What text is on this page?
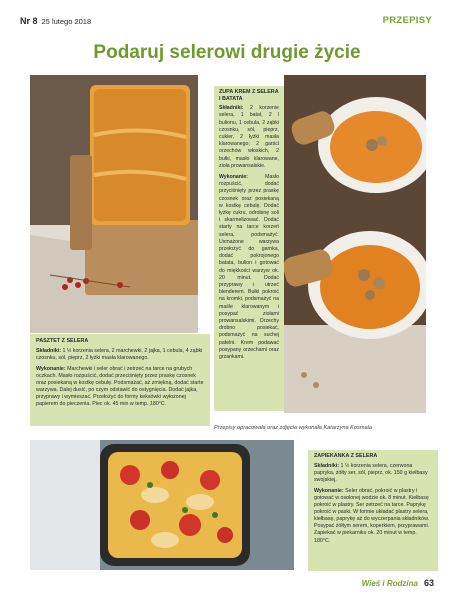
Nr 8 25 lutego 2018	PRZEPISY
Podaruj selerowi drugie życie
PASZTET Z SELERA

Składniki: 1 ½ korzenia selera, 2 marchewki, 2 jajka, 1 cebula, 4 ząbki czosnku, sól, pieprz, 2 łyżki masła klarowanego.

Wykonanie: Marchewki i seler obrać i zetrzeć na tarce na grubych oczkach. Masło rozpuścić, dodać przeciśnięty przez praskę czosnek oraz posiekaną w kostkę cebulę. Podsmażać, aż zmiękną, dodać starte warzywa. Dalej dusić, po czym odstawić do ostygnięcia. Dodać jajka, przyprawy i wymieszać. Przełożyć do formy keksówki wyłożonej papierem do pieczenia. Piec ok. 45 min w temp. 180°C.

ZUPA KREM Z SELERA I BATATA

Składniki: 2 korzenie selera, 1 batat, 2 l bulionu, 1 cebula, 2 ząbki czosnku, sól, pieprz, cukier, 2 łyżki masła klarowanego; 2 garści orzechów włoskich, 2 bułki, masło klarowane, zioła prowansalskie.

Wykonanie: Masło rozpuścić, dodać przyciśnięty przez praskę czosnek oraz posiekaną w kostkę cebulę. Dodać łyżkę cukru, odrobinę soli i skarmelizować. Dodać starty na tarce korzeń selera, podsmażyć. Usmażone warzywa przełożyć do garnka, dodać pokrojonego batata, bulion i gotować do miękkości warzyw ok. 20 minut. Dodać przyprawy i utrzeć blenderem. Bułki pokroić na kromki, podsmażyć na maśle klarowanym i posypać ziołami prowansalskimi. Orzechy drobno posiekać, podsmażyć na suchej patelni. Krem podawać posypany orzechami oraz grzankami.

Przepisy opracowała oraz zdjęcia wykonała Katarzyna Kosmala
ZAPIEKANKA Z SELERA

Składniki: 1 ½ korzenia selera, czerwona papryka, żółty ser, sól, pieprz, ok. 150 g kiełbasy swojskiej.

Wykonanie: Seler obrać, pokroić w plastry i gotować w osolonej wodzie ok. 8 minut. Kiełbasę pokroić w plastry. Ser zetrzeć na tarce. Paprykę pokroić w paski. W formie układać plastry selera, kiełbasę, paprykę aż do wyczerpania składników. Posypać żółtym serem, koperkiem, przyprawami. Zapiekać w piekarniku ok. 20 minut w temp. 180°C.

Wieś i Rodzina 63
